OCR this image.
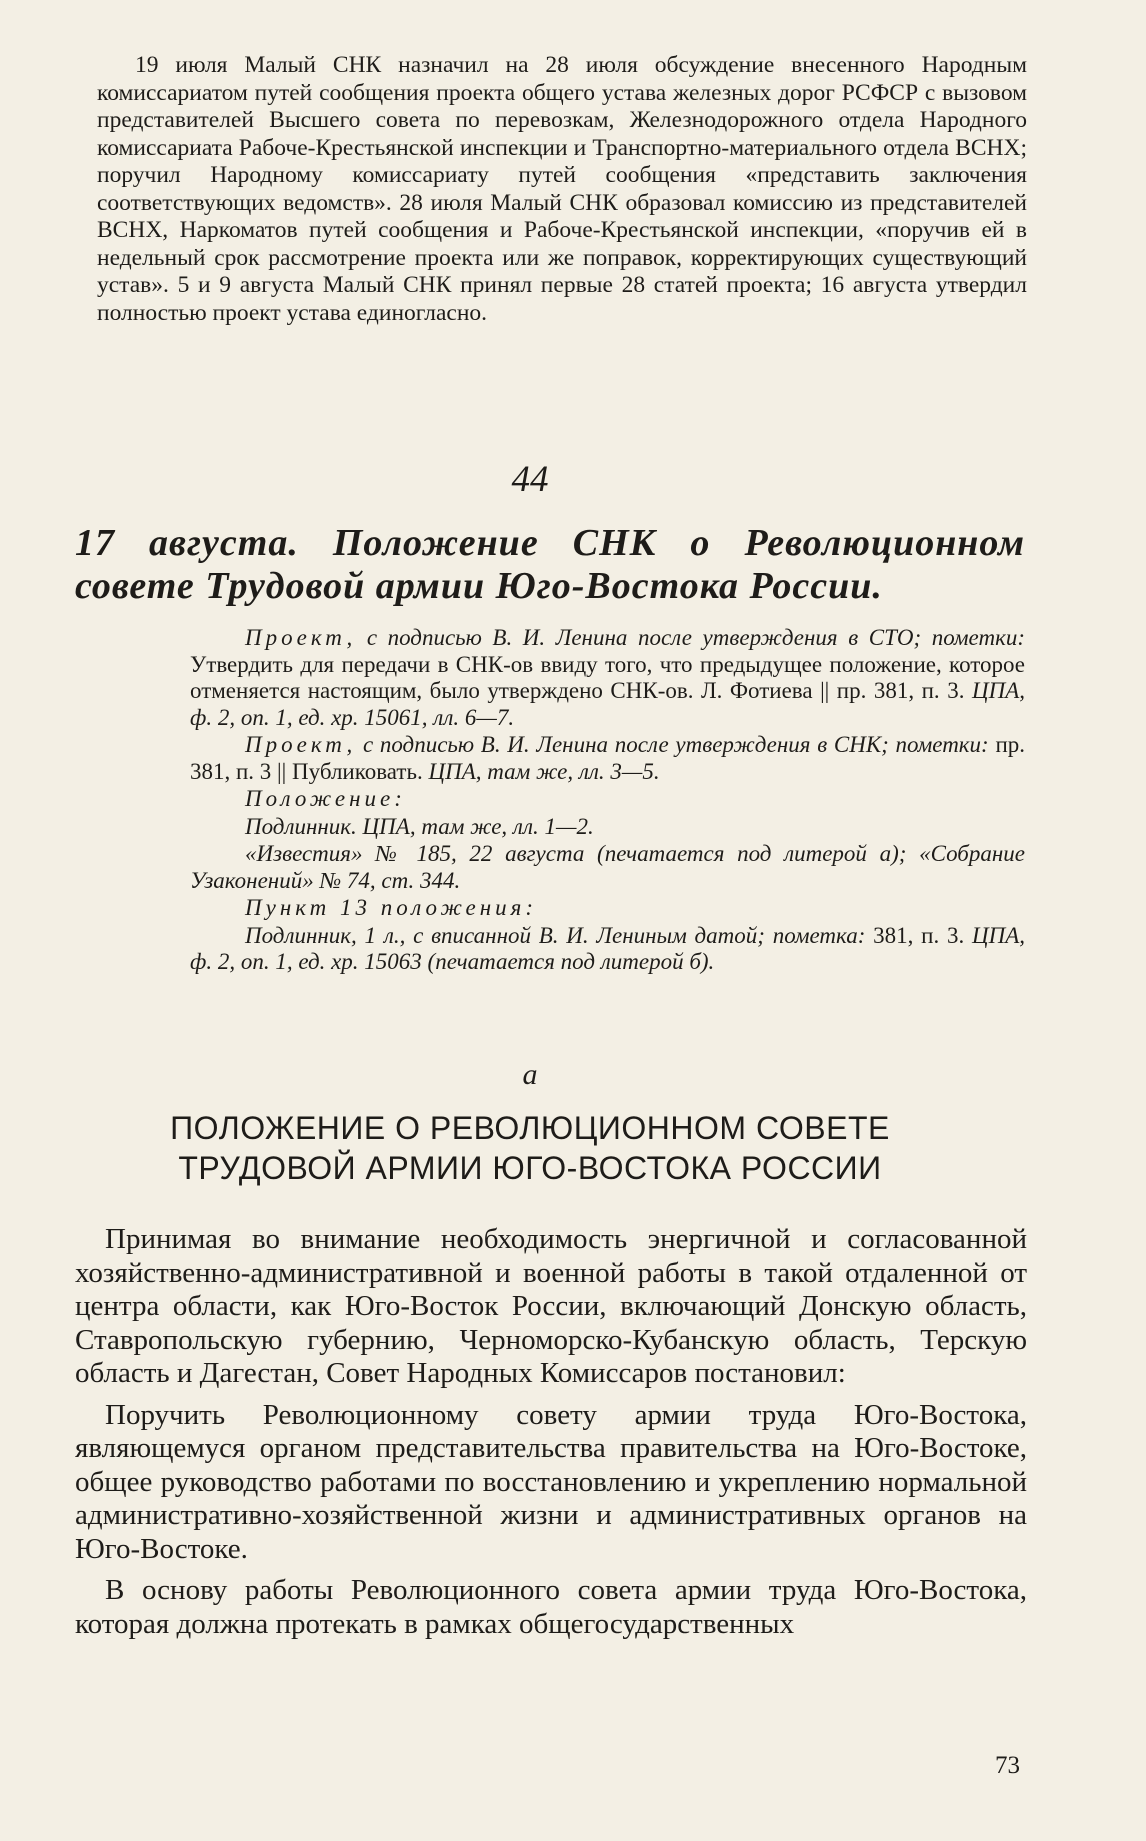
19 июля Малый СНК назначил на 28 июля обсуждение внесенного Народным комиссариатом путей сообщения проекта общего устава железных дорог РСФСР с вызовом представителей Высшего совета по перевозкам, Железнодорожного отдела Народного комиссариата Рабоче-Крестьянской инспекции и Транспортно-материального отдела ВСНХ; поручил Народному комиссариату путей сообщения «представить заключения соответствующих ведомств». 28 июля Малый СНК образовал комиссию из представителей ВСНХ, Наркоматов путей сообщения и Рабоче-Крестьянской инспекции, «поручив ей в недельный срок рассмотрение проекта или же поправок, корректирующих существующий устав». 5 и 9 августа Малый СНК принял первые 28 статей проекта; 16 августа утвердил полностью проект устава единогласно.

44
17 августа. Положение СНК о Революционном совете Трудовой армии Юго-Востока России.

Проект, с подписью В. И. Ленина после утверждения в СТО; пометки: Утвердить для передачи в СНК-ов ввиду того, что предыдущее положение, которое отменяется настоящим, было утверждено СНК-ов. Л. Фотиева || пр. 381, п. 3. ЦПА, ф. 2, оп. 1, ед. хр. 15061, лл. 6—7.

Проект, с подписью В. И. Ленина после утверждения в СНК; пометки: пр. 381, п. 3 || Публиковать. ЦПА, там же, лл. 3—5.

Положение:

Подлинник. ЦПА, там же, лл. 1—2.

«Известия» № 185, 22 августа (печатается под литерой а); «Собрание Узаконений» № 74, ст. 344.

Пункт 13 положения:

Подлинник, 1 л., с вписанной В. И. Лениным датой; пометка: 381, п. 3. ЦПА, ф. 2, оп. 1, ед. хр. 15063 (печатается под литерой б).

а
ПОЛОЖЕНИЕ О РЕВОЛЮЦИОННОМ СОВЕТЕ
ТРУДОВОЙ АРМИИ ЮГО-ВОСТОКА РОССИИ

Принимая во внимание необходимость энергичной и согласованной хозяйственно-административной и военной работы в такой отдаленной от центра области, как Юго-Восток России, включающий Донскую область, Ставропольскую губернию, Черноморско-Кубанскую область, Терскую область и Дагестан, Совет Народных Комиссаров постановил:

Поручить Революционному совету армии труда Юго-Востока, являющемуся органом представительства правительства на Юго-Востоке, общее руководство работами по восстановлению и укреплению нормальной административно-хозяйственной жизни и административных органов на Юго-Востоке.

В основу работы Революционного совета армии труда Юго-Востока, которая должна протекать в рамках общегосударственных

73
